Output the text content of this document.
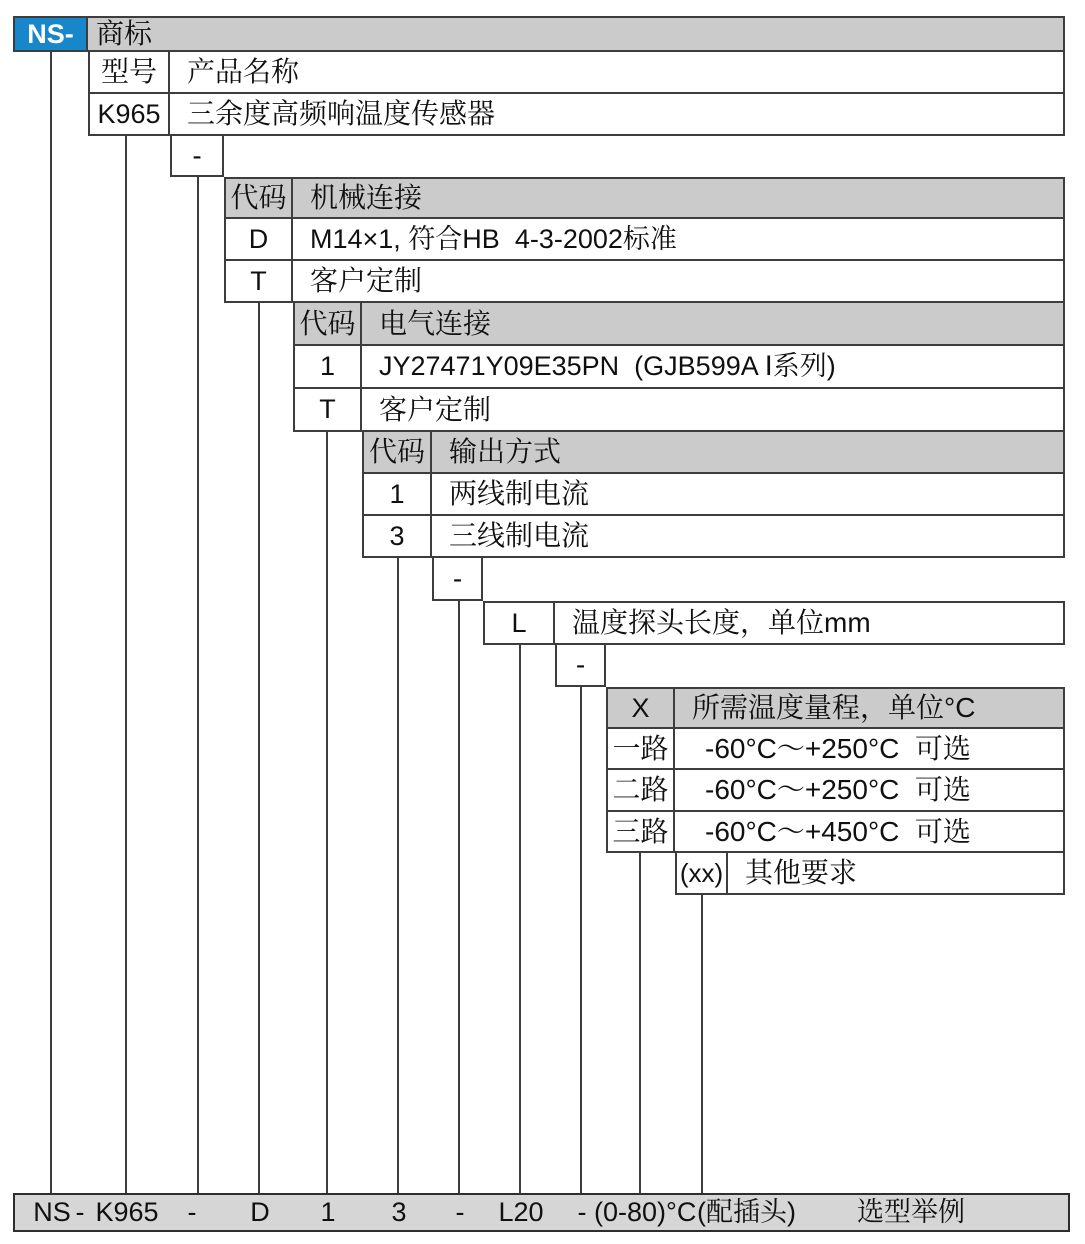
NS- 商标
型号	产品名称
K965 三余度高频响温度传感器
-
代码 机械连接
D	M14×1, 符合HB  4-3-2002标准
T	客户定制
代码 电气连接
1	JY27471Y09E35PN  (GJB599A Ⅰ系列)
T	客户定制
代码 输出方式
1	两线制电流
3	三线制电流
-
L	温度探头长度，单位mm
-
X	所需温度量程，单位°C
一路	-60°C～+250°C  可选
二路	-60°C～+250°C  可选
三路	-60°C～+450°C  可选
(xx) 其他要求
NS - K965	-	D	1	3	-	L20	- (0-80)°C (配插头) 选型举例
